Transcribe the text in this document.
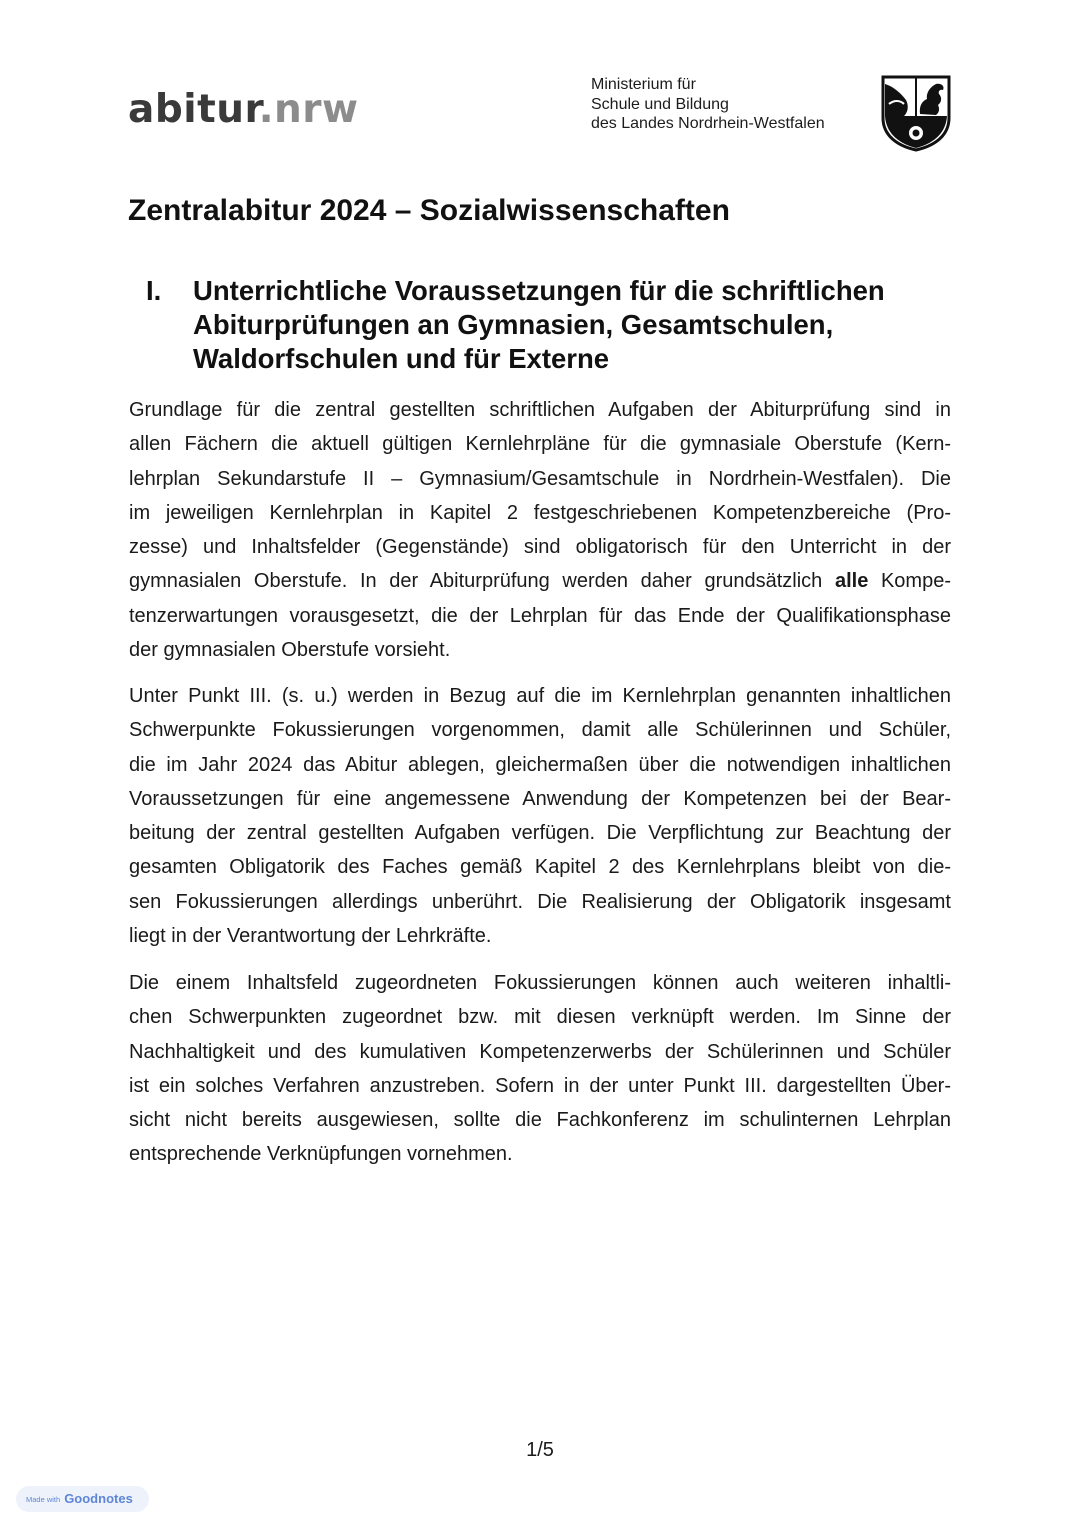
abitur.nrw
Ministerium für
Schule und Bildung
des Landes Nordrhein-Westfalen
Zentralabitur 2024 – Sozialwissenschaften
I. Unterrichtliche Voraussetzungen für die schriftlichen
Abiturprüfungen an Gymnasien, Gesamtschulen,
Waldorfschulen und für Externe
Grundlage für die zentral gestellten schriftlichen Aufgaben der Abiturprüfung sind in
allen Fächern die aktuell gültigen Kernlehrpläne für die gymnasiale Oberstufe (Kern-
lehrplan Sekundarstufe II – Gymnasium/Gesamtschule in Nordrhein-Westfalen). Die
im jeweiligen Kernlehrplan in Kapitel 2 festgeschriebenen Kompetenzbereiche (Pro-
zesse) und Inhaltsfelder (Gegenstände) sind obligatorisch für den Unterricht in der
gymnasialen Oberstufe. In der Abiturprüfung werden daher grundsätzlich alle Kompe-
tenzerwartungen vorausgesetzt, die der Lehrplan für das Ende der Qualifikationsphase
der gymnasialen Oberstufe vorsieht.
Unter Punkt III. (s. u.) werden in Bezug auf die im Kernlehrplan genannten inhaltlichen
Schwerpunkte Fokussierungen vorgenommen, damit alle Schülerinnen und Schüler,
die im Jahr 2024 das Abitur ablegen, gleichermaßen über die notwendigen inhaltlichen
Voraussetzungen für eine angemessene Anwendung der Kompetenzen bei der Bear-
beitung der zentral gestellten Aufgaben verfügen. Die Verpflichtung zur Beachtung der
gesamten Obligatorik des Faches gemäß Kapitel 2 des Kernlehrplans bleibt von die-
sen Fokussierungen allerdings unberührt. Die Realisierung der Obligatorik insgesamt
liegt in der Verantwortung der Lehrkräfte.
Die einem Inhaltsfeld zugeordneten Fokussierungen können auch weiteren inhaltli-
chen Schwerpunkten zugeordnet bzw. mit diesen verknüpft werden. Im Sinne der
Nachhaltigkeit und des kumulativen Kompetenzerwerbs der Schülerinnen und Schüler
ist ein solches Verfahren anzustreben. Sofern in der unter Punkt III. dargestellten Über-
sicht nicht bereits ausgewiesen, sollte die Fachkonferenz im schulinternen Lehrplan
entsprechende Verknüpfungen vornehmen.
1/5
Made with Goodnotes
